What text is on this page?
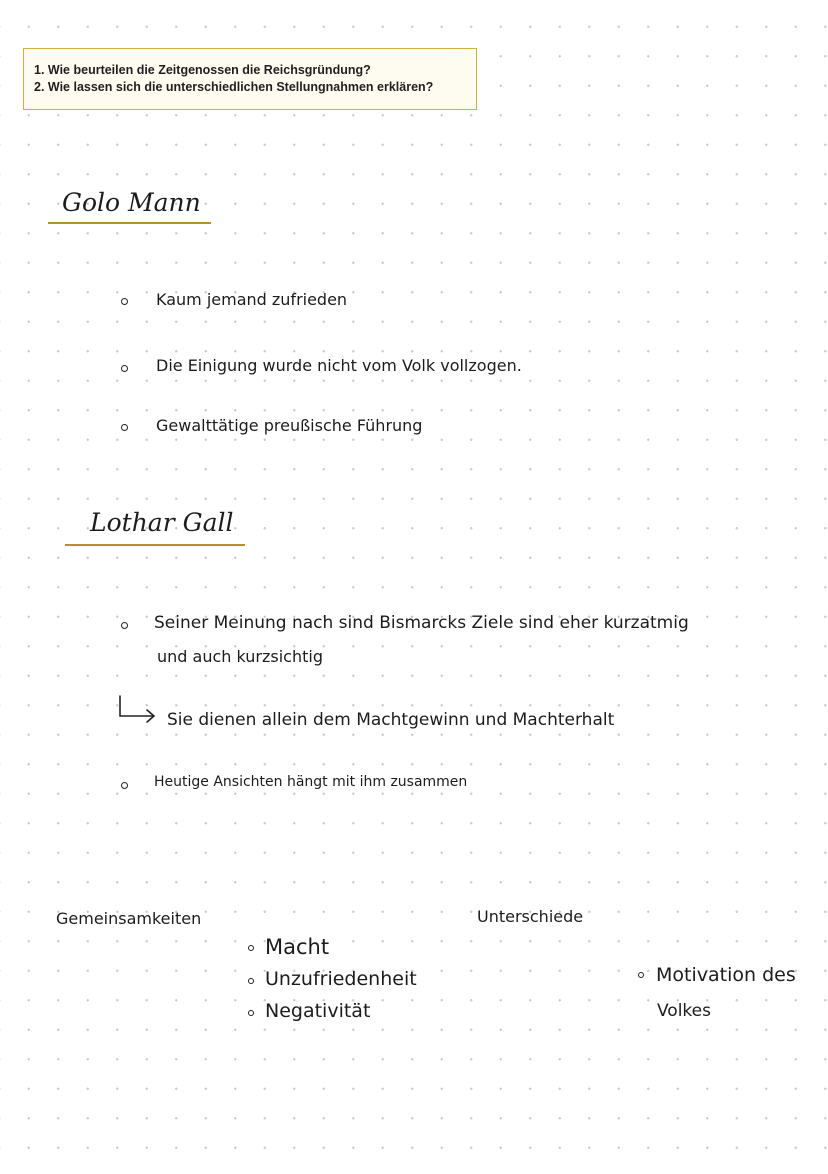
1. Wie beurteilen die Zeitgenossen die Reichsgründung?
2. Wie lassen sich die unterschiedlichen Stellungnahmen erklären?
Golo Mann
Kaum jemand zufrieden
Die Einigung wurde nicht vom Volk vollzogen.
Gewalttätige preußische Führung
Lothar Gall
Seiner Meinung nach sind Bismarcks Ziele sind eher kurzatmig
und auch kurzsichtig
Sie dienen allein dem Machtgewinn und Machterhalt
Heutige Ansichten hängt mit ihm zusammen
Gemeinsamkeiten	Unterschiede
Macht
Unzufriedenheit
Negativität
Motivation des
Volkes
